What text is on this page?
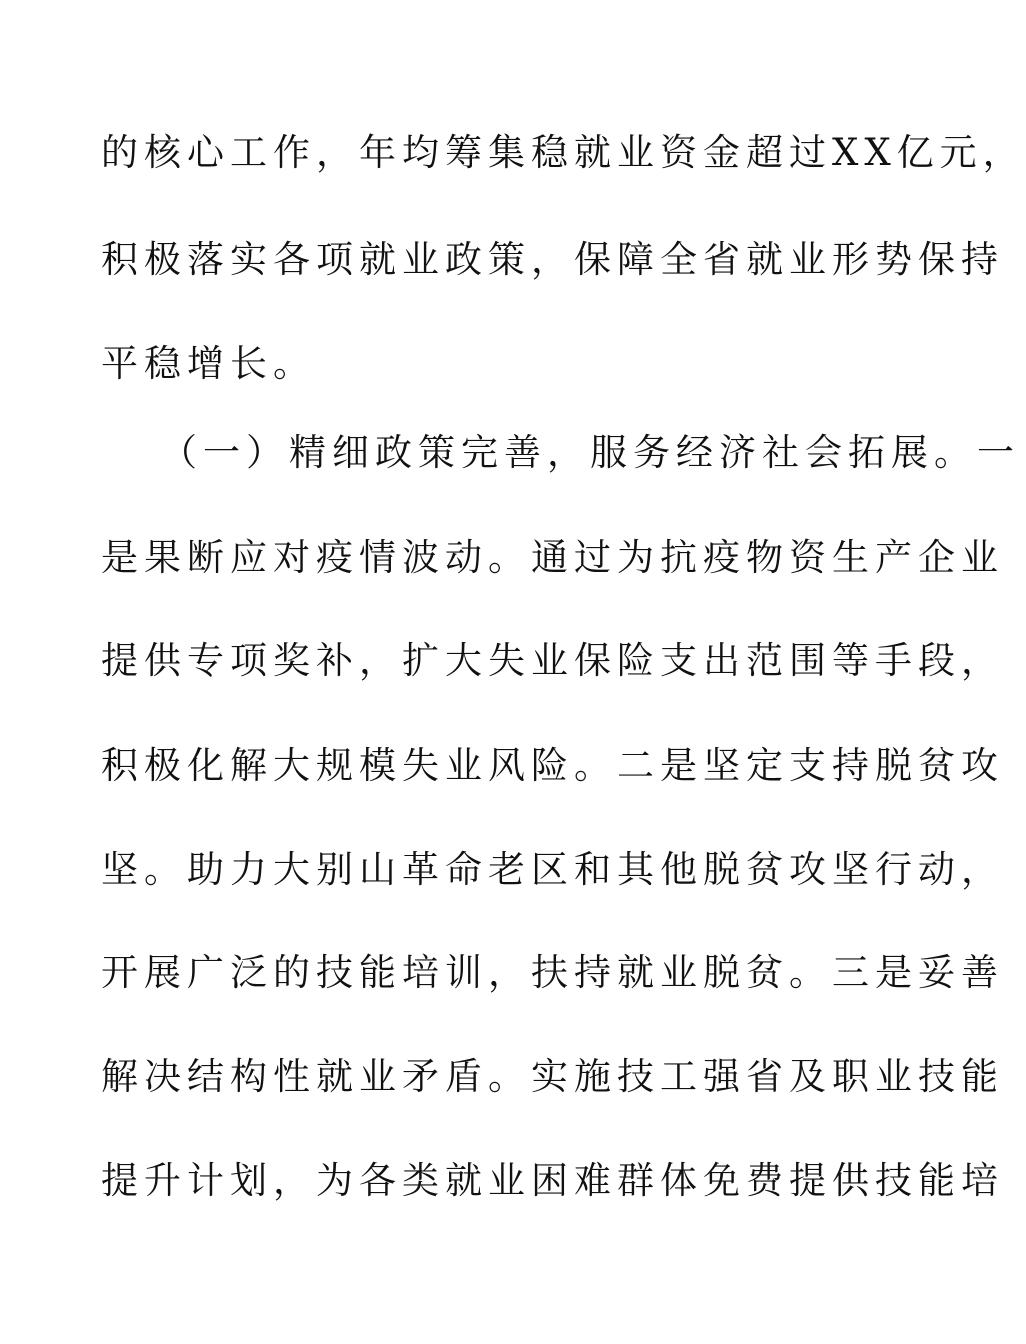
的核心工作，年均筹集稳就业资金超过XX亿元，
积极落实各项就业政策，保障全省就业形势保持
平稳增长。
（一）精细政策完善，服务经济社会拓展。一
是果断应对疫情波动。通过为抗疫物资生产企业
提供专项奖补，扩大失业保险支出范围等手段，
积极化解大规模失业风险。二是坚定支持脱贫攻
坚。助力大别山革命老区和其他脱贫攻坚行动，
开展广泛的技能培训，扶持就业脱贫。三是妥善
解决结构性就业矛盾。实施技工强省及职业技能
提升计划，为各类就业困难群体免费提供技能培
